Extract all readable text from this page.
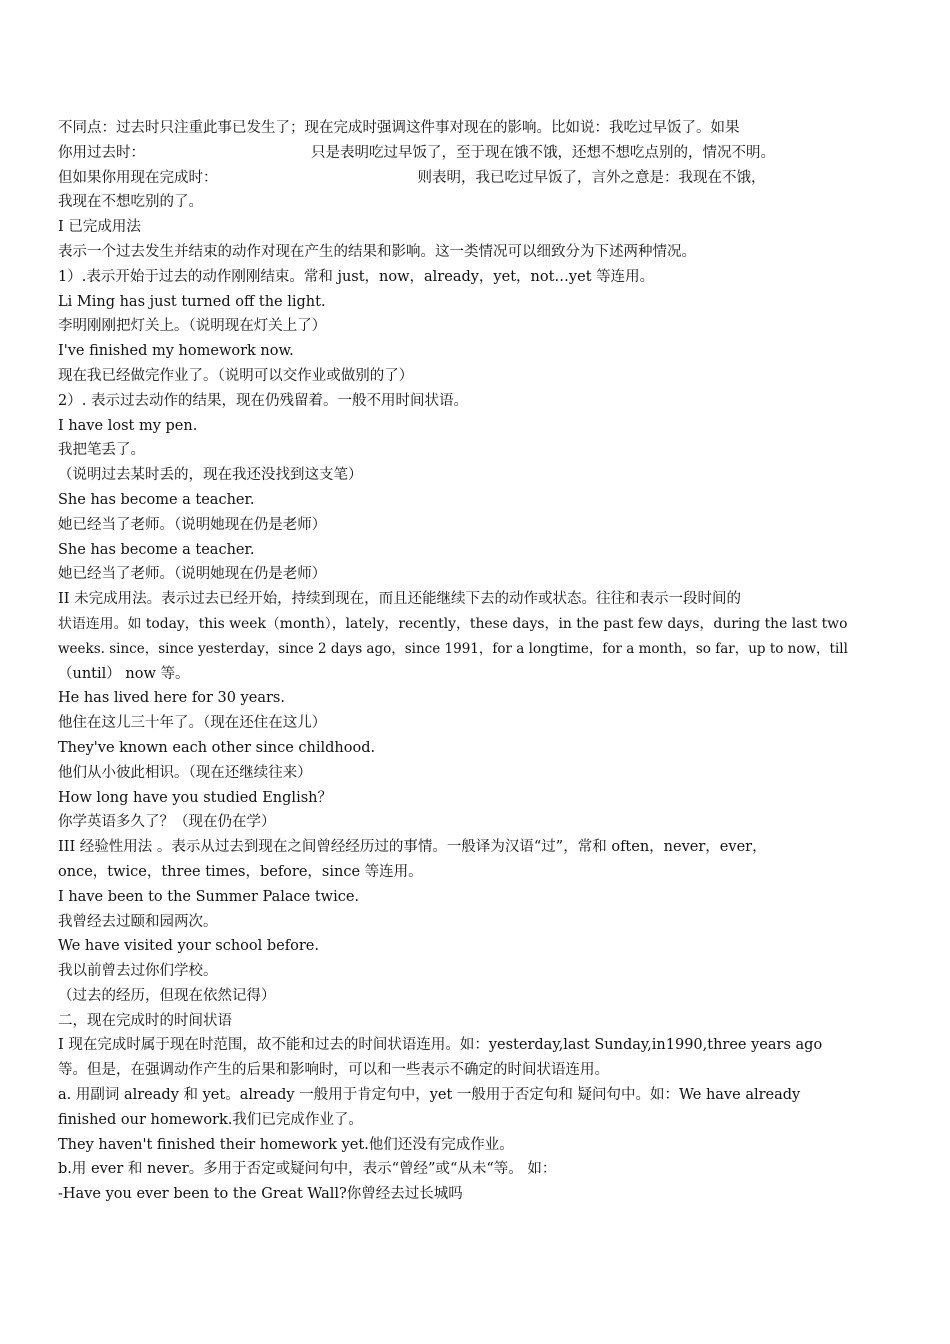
不同点：过去时只注重此事已发生了；现在完成时强调这件事对现在的影响。比如说：我吃过早饭了。如果

你用过去时：	只是表明吃过早饭了，至于现在饿不饿，还想不想吃点别的，情况不明。

但如果你用现在完成时：	则表明，我已吃过早饭了，言外之意是：我现在不饿，

我现在不想吃别的了。

I 已完成用法

表示一个过去发生并结束的动作对现在产生的结果和影响。这一类情况可以细致分为下述两种情况。

1）.表示开始于过去的动作刚刚结束。常和 just，now，already，yet，not…yet 等连用。

Li Ming has just turned off the light.

李明刚刚把灯关上。（说明现在灯关上了）

I've finished my homework now.

现在我已经做完作业了。（说明可以交作业或做别的了）

2）. 表示过去动作的结果，现在仍残留着。一般不用时间状语。

I have lost my pen.

我把笔丢了。

（说明过去某时丢的，现在我还没找到这支笔）

She has become a teacher.

她已经当了老师。（说明她现在仍是老师）

She has become a teacher.

她已经当了老师。（说明她现在仍是老师）

II 未完成用法。表示过去已经开始，持续到现在，而且还能继续下去的动作或状态。往往和表示一段时间的

状语连用。如 today，this week（month），lately，recently，these days，in the past few days，during the last two

weeks. since，since yesterday，since 2 days ago，since 1991，for a longtime，for a month，so far，up to now，till

（until） now 等。

He has lived here for 30 years.

他住在这儿三十年了。（现在还住在这儿）

They've known each other since childhood.

他们从小彼此相识。（现在还继续往来）

How long have you studied English？

你学英语多久了？（现在仍在学）

III 经验性用法 。表示从过去到现在之间曾经经历过的事情。一般译为汉语“过”，常和 often，never，ever，

once，twice，three times，before，since 等连用。

I have been to the Summer Palace twice.

我曾经去过颐和园两次。

We have visited your school before.

我以前曾去过你们学校。

（过去的经历，但现在依然记得）

二，现在完成时的时间状语

I 现在完成时属于现在时范围，故不能和过去的时间状语连用。如：yesterday,last Sunday,in1990,three years ago

等。但是，在强调动作产生的后果和影响时，可以和一些表示不确定的时间状语连用。

a. 用副词 already 和 yet。already 一般用于肯定句中，yet 一般用于否定句和 疑问句中。如：We have already

finished our homework.我们已完成作业了。

They haven't finished their homework yet.他们还没有完成作业。

b.用 ever 和 never。多用于否定或疑问句中，表示“曾经”或“从未“等。 如：

-Have you ever been to the Great Wall?你曾经去过长城吗
